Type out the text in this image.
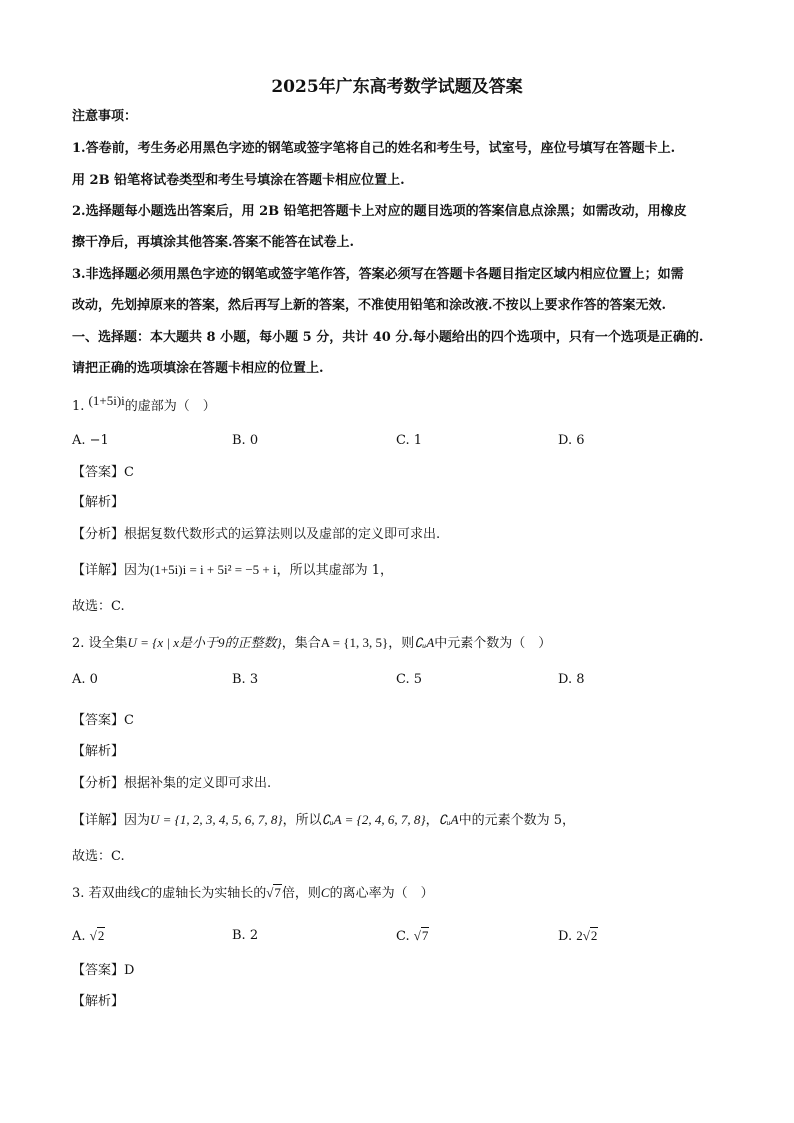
2025年广东高考数学试题及答案
注意事项：
1.答卷前，考生务必用黑色字迹的钢笔或签字笔将自己的姓名和考生号，试室号，座位号填写在答题卡上.
用 2B 铅笔将试卷类型和考生号填涂在答题卡相应位置上.
2.选择题每小题选出答案后，用 2B 铅笔把答题卡上对应的题目选项的答案信息点涂黑；如需改动，用橡皮
擦干净后，再填涂其他答案.答案不能答在试卷上.
3.非选择题必须用黑色字迹的钢笔或签字笔作答，答案必须写在答题卡各题目指定区域内相应位置上；如需
改动，先划掉原来的答案，然后再写上新的答案，不准使用铅笔和涂改液.不按以上要求作答的答案无效.
一、选择题：本大题共 8 小题，每小题 5 分，共计 40 分.每小题给出的四个选项中，只有一个选项是正确的.
请把正确的选项填涂在答题卡相应的位置上.
1. (1+5i)i的虚部为（　）
A. −1	B. 0	C. 1	D. 6
【答案】C
【解析】
【分析】根据复数代数形式的运算法则以及虚部的定义即可求出.
【详解】因为(1+5i)i = i + 5i² = −5 + i，所以其虚部为 1，
故选：C.
2. 设全集U = {x | x是小于9的正整数}，集合A = {1, 3, 5}，则∁ᵤA中元素个数为（　）
A. 0	B. 3	C. 5	D. 8
【答案】C
【解析】
【分析】根据补集的定义即可求出.
【详解】因为U = {1, 2, 3, 4, 5, 6, 7, 8}，所以∁ᵤA = {2, 4, 6, 7, 8}，∁ᵤA中的元素个数为 5，
故选：C.
3. 若双曲线C的虚轴长为实轴长的√7倍，则C的离心率为（　）
A. √2	B. 2	C. √7	D. 2√2
【答案】D
【解析】
